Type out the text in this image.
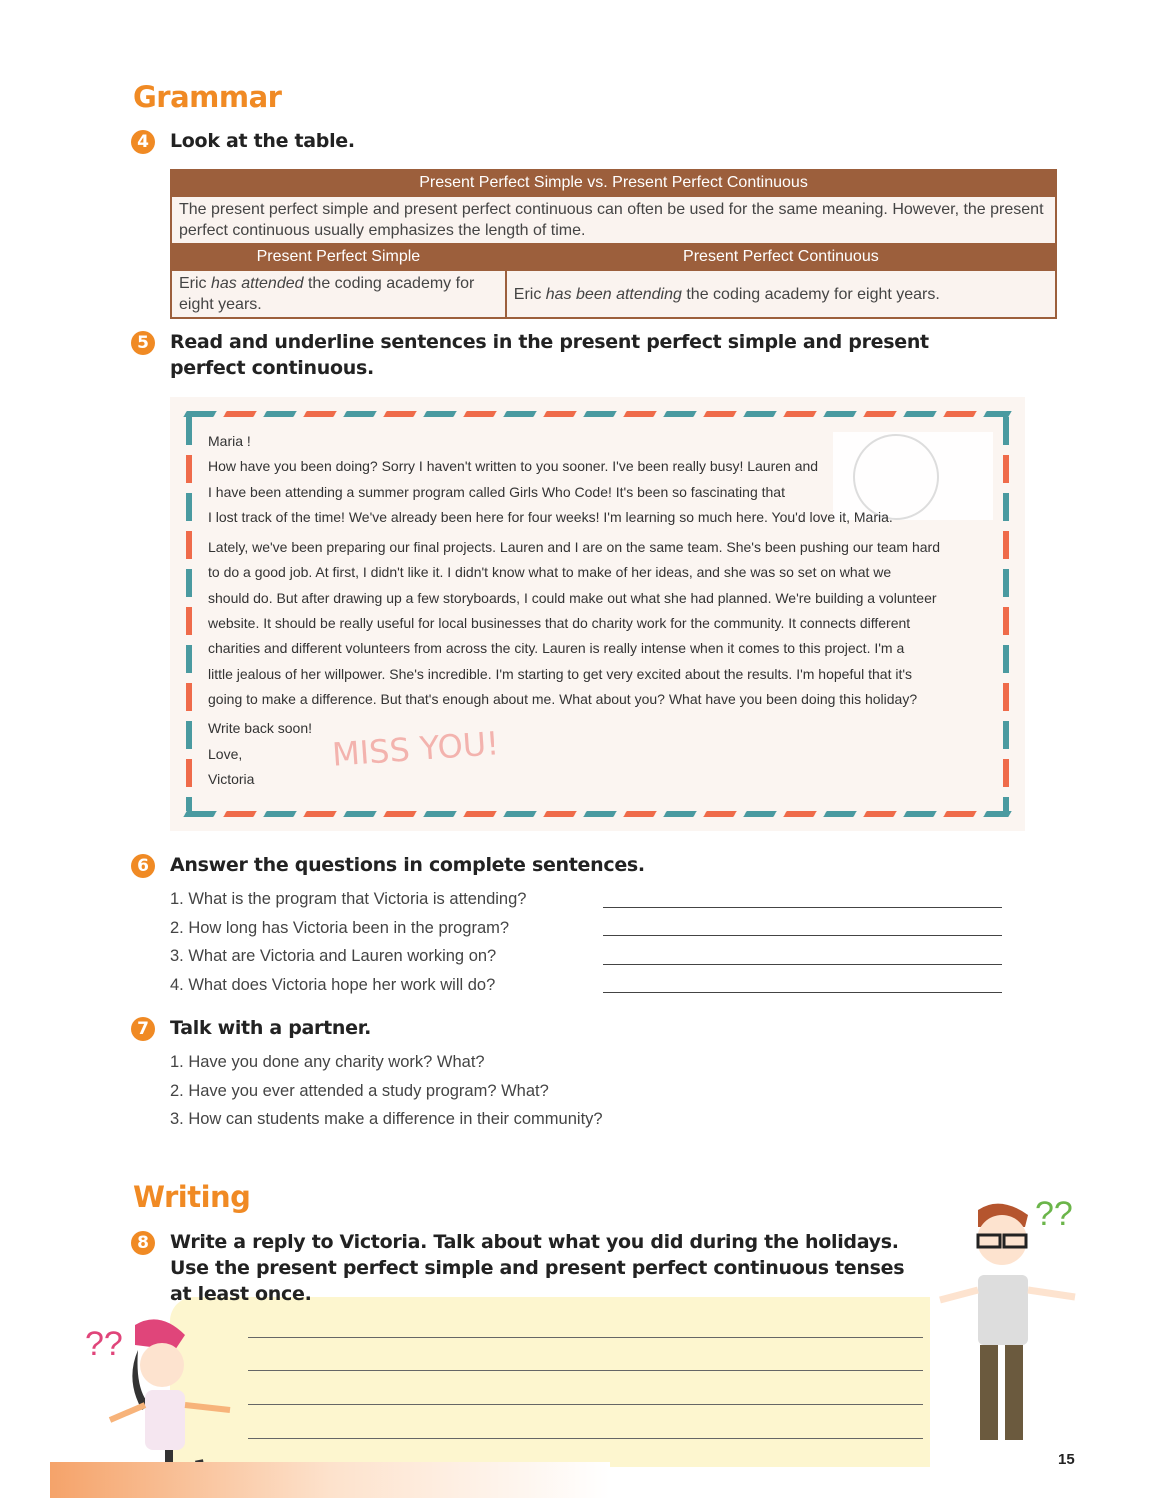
Grammar
4	Look at the table.
Present Perfect Simple vs. Present Perfect Continuous	
The present perfect simple and present perfect continuous can often be used for the same meaning. However, the present perfect continuous usually emphasizes the length of time.	
Present Perfect Simple	Present Perfect Continuous
Eric has attended the coding academy for eight years.	Eric has been attending the coding academy for eight years.
5	Read and underline sentences in the present perfect simple and present perfect continuous.
MISS YOU!
Maria !
How have you been doing? Sorry I haven't written to you sooner. I've been really busy! Lauren and
I have been attending a summer program called Girls Who Code! It's been so fascinating that
I lost track of the time! We've already been here for four weeks! I'm learning so much here. You'd love it, Maria.
Lately, we've been preparing our final projects. Lauren and I are on the same team. She's been pushing our team hard
to do a good job. At first, I didn't like it. I didn't know what to make of her ideas, and she was so set on what we
should do. But after drawing up a few storyboards, I could make out what she had planned. We're building a volunteer
website. It should be really useful for local businesses that do charity work for the community. It connects different
charities and different volunteers from across the city. Lauren is really intense when it comes to this project. I'm a
little jealous of her willpower. She's incredible. I'm starting to get very excited about the results. I'm hopeful that it's
going to make a difference. But that's enough about me. What about you? What have you been doing this holiday?
Write back soon!
Love,
Victoria
6	Answer the questions in complete sentences.
1. What is the program that Victoria is attending?
2. How long has Victoria been in the program?
3. What are Victoria and Lauren working on?
4. What does Victoria hope her work will do?
7	Talk with a partner.
1. Have you done any charity work? What?
2. Have you ever attended a study program? What?
3. How can students make a difference in their community?
Writing
8
??
??
Write a reply to Victoria. Talk about what you did during the holidays. Use the present perfect simple and present perfect continuous tenses at least once.
15
